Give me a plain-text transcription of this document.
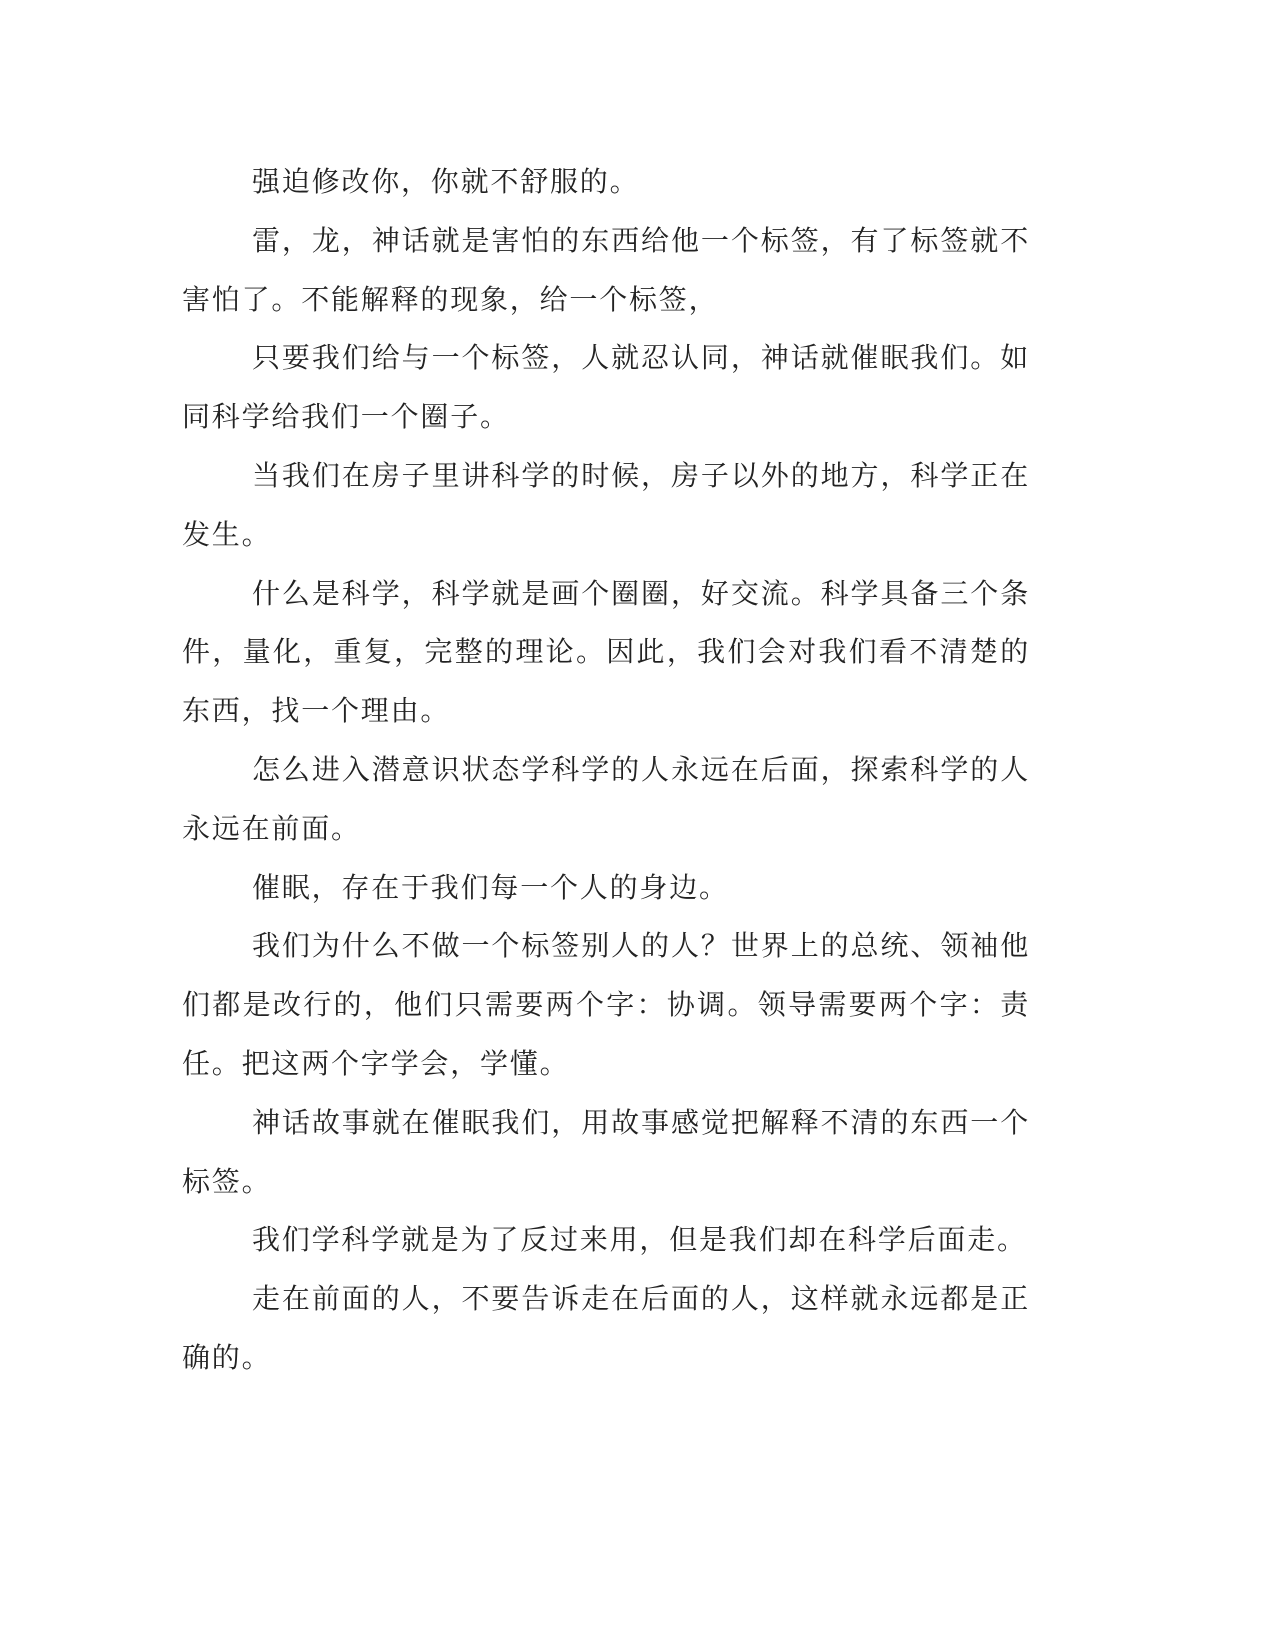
强迫修改你，你就不舒服的。

雷，龙，神话就是害怕的东西给他一个标签，有了标签就不害怕了。不能解释的现象，给一个标签，

只要我们给与一个标签，人就忍认同，神话就催眠我们。如同科学给我们一个圈子。

当我们在房子里讲科学的时候，房子以外的地方，科学正在发生。

什么是科学，科学就是画个圈圈，好交流。科学具备三个条件，量化，重复，完整的理论。因此，我们会对我们看不清楚的东西，找一个理由。

怎么进入潜意识状态学科学的人永远在后面，探索科学的人永远在前面。

催眠，存在于我们每一个人的身边。

我们为什么不做一个标签别人的人？世界上的总统、领袖他们都是改行的，他们只需要两个字：协调。领导需要两个字：责任。把这两个字学会，学懂。

神话故事就在催眠我们，用故事感觉把解释不清的东西一个标签。

我们学科学就是为了反过来用，但是我们却在科学后面走。

走在前面的人，不要告诉走在后面的人，这样就永远都是正确的。
